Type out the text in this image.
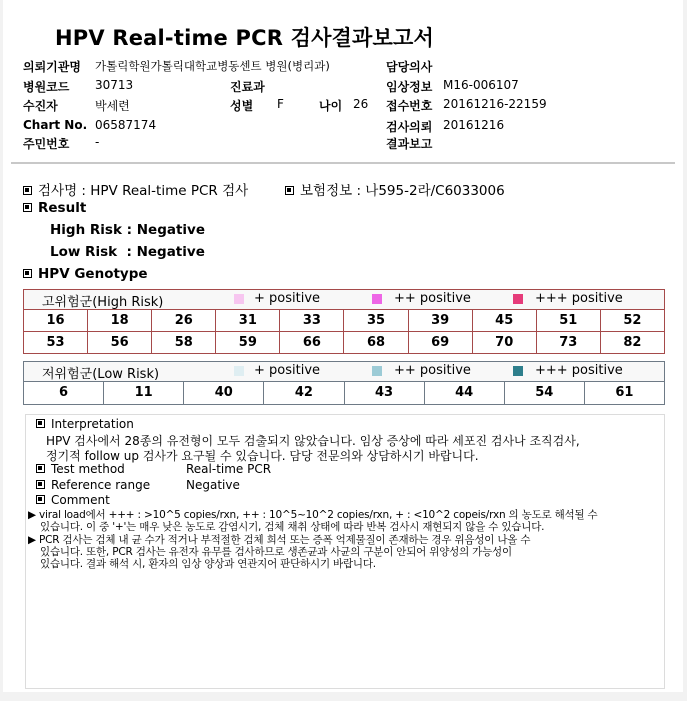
HPV Real-time PCR 검사결과보고서
의뢰기관명 가톨릭학원가톨릭대학교병동센트 병원(병리과)	담당의사
병원코드 30713	진료과	임상정보 M16-006107
수진자	박세련	성별 F	나이 26 접수번호 20161216-22159
Chart No. 06587174	검사의뢰 20161216
주민번호 -	결과보고
검사명 : HPV Real-time PCR 검사	보험정보 : 나595-2라/C6033006
Result
High Risk : Negative
Low Risk  : Negative
HPV Genotype
고위험군(High Risk)	+ positive	++ positive	+++ positive
16	18	26	31	33	35	39	45	51	52
53	56	58	59	66	68	69	70	73	82
저위험군(Low Risk)	+ positive	++ positive	+++ positive
6	11	40	42	43	44	54	61
Interpretation
HPV 검사에서 28종의 유전형이 모두 검출되지 않았습니다. 임상 증상에 따라 세포진 검사나 조직검사,
정기적 follow up 검사가 요구될 수 있습니다. 담당 전문의와 상담하시기 바랍니다.
Test method	Real-time PCR
Reference range	Negative
Comment
▶ viral load에서 +++ : >10^5 copies/rxn, ++ : 10^5~10^2 copies/rxn, + : <10^2 copeis/rxn 의 농도로 해석될 수
있습니다. 이 중 '+'는 매우 낮은 농도로 감염시기, 검체 채취 상태에 따라 반복 검사시 재현되지 않을 수 있습니다.
▶ PCR 검사는 검체 내 균 수가 적거나 부적절한 검체 희석 또는 증폭 억제물질이 존재하는 경우 위음성이 나올 수
있습니다. 또한, PCR 검사는 유전자 유무를 검사하므로 생존균과 사균의 구분이 안되어 위양성의 가능성이
있습니다. 결과 해석 시, 환자의 임상 양상과 연관지어 판단하시기 바랍니다.
